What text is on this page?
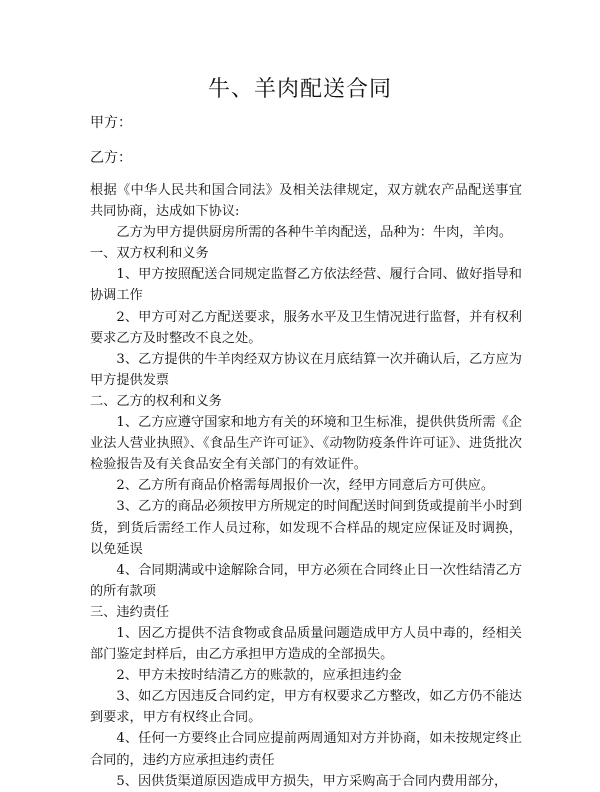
牛、羊肉配送合同

甲方：

乙方：

根据《中华人民共和国合同法》及相关法律规定，双方就农产品配送事宜共同协商，达成如下协议:

乙方为甲方提供厨房所需的各种牛羊肉配送，品种为：牛肉，羊肉。

一、双方权利和义务

1、甲方按照配送合同规定监督乙方依法经营、履行合同、做好指导和协调工作

2、甲方可对乙方配送要求，服务水平及卫生情况进行监督，并有权利要求乙方及时整改不良之处。

3、乙方提供的牛羊肉经双方协议在月底结算一次并确认后，乙方应为甲方提供发票

二、乙方的权利和义务

1、乙方应遵守国家和地方有关的环境和卫生标准，提供供货所需《企业法人营业执照》、《食品生产许可证》、《动物防疫条件许可证》、进货批次检验报告及有关食品安全有关部门的有效证件。

2、乙方所有商品价格需每周报价一次，经甲方同意后方可供应。

3、乙方的商品必须按甲方所规定的时间配送时间到货或提前半小时到货，到货后需经工作人员过称，如发现不合样品的规定应保证及时调换，以免延误

4、合同期满或中途解除合同，甲方必须在合同终止日一次性结清乙方的所有款项

三、违约责任

1、因乙方提供不洁食物或食品质量问题造成甲方人员中毒的，经相关部门鉴定封样后，由乙方承担甲方造成的全部损失。

2、甲方未按时结清乙方的账款的，应承担违约金

3、如乙方因违反合同约定，甲方有权要求乙方整改，如乙方仍不能达到要求，甲方有权终止合同。

4、任何一方要终止合同应提前两周通知对方并协商，如未按规定终止合同的，违约方应承担违约责任

5、因供货渠道原因造成甲方损失，甲方采购高于合同内费用部分，
